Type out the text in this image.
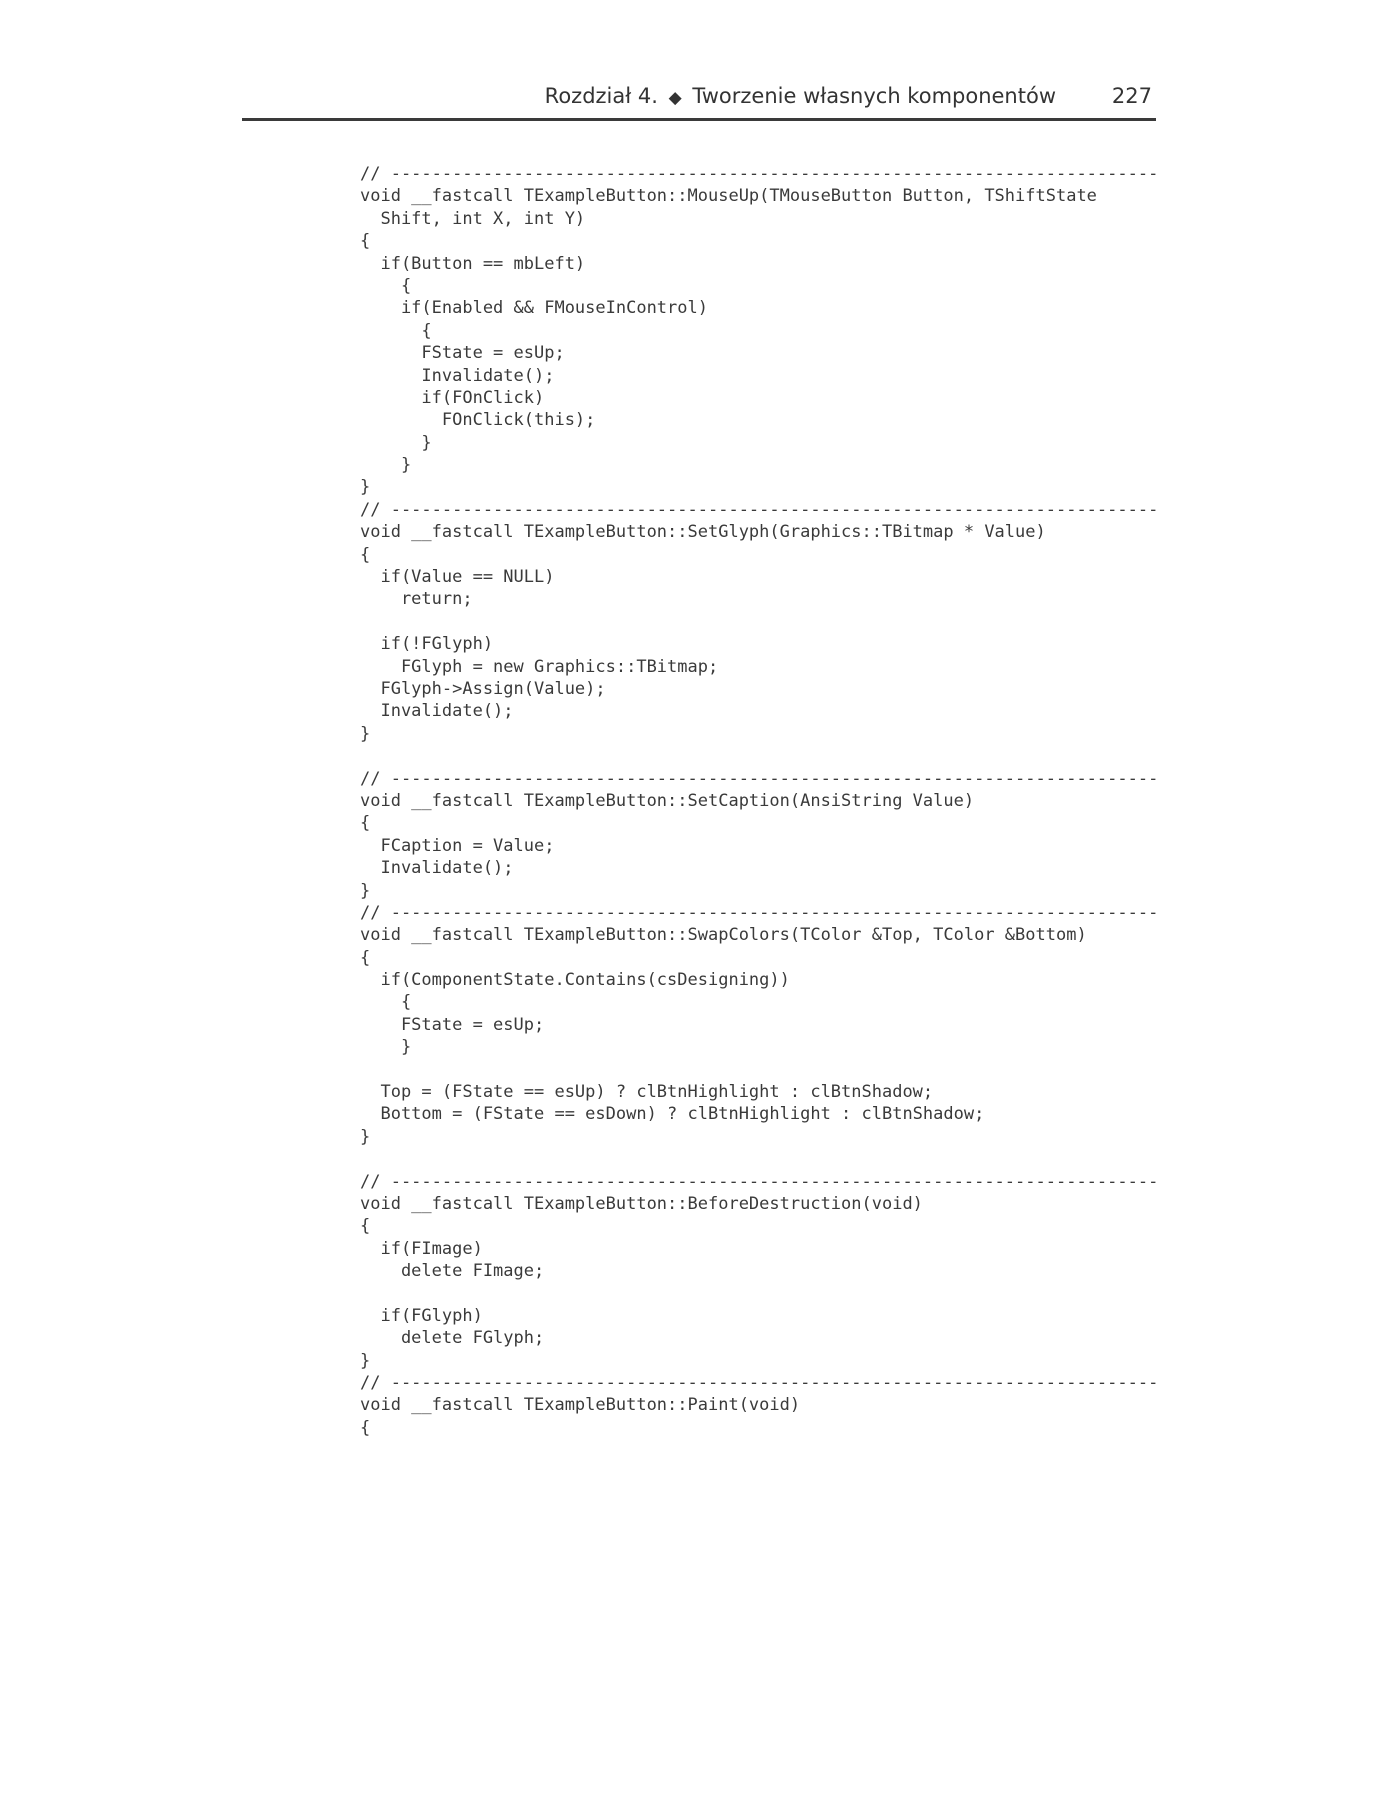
Rozdział 4. ◆ Tworzenie własnych komponentów	227
// ---------------------------------------------------------------------------
void __fastcall TExampleButton::MouseUp(TMouseButton Button, TShiftState
Shift, int X, int Y)
{
if(Button == mbLeft)
{
if(Enabled && FMouseInControl)
{
FState = esUp;
Invalidate();
if(FOnClick)
FOnClick(this);
}
}
}
// ---------------------------------------------------------------------------
void __fastcall TExampleButton::SetGlyph(Graphics::TBitmap * Value)
{
if(Value == NULL)
return;
if(!FGlyph)
FGlyph = new Graphics::TBitmap;
FGlyph->Assign(Value);
Invalidate();
}
// ---------------------------------------------------------------------------
void __fastcall TExampleButton::SetCaption(AnsiString Value)
{
FCaption = Value;
Invalidate();
}
// ---------------------------------------------------------------------------
void __fastcall TExampleButton::SwapColors(TColor &Top, TColor &Bottom)
{
if(ComponentState.Contains(csDesigning))
{
FState = esUp;
}
Top = (FState == esUp) ? clBtnHighlight : clBtnShadow;
Bottom = (FState == esDown) ? clBtnHighlight : clBtnShadow;
}
// ---------------------------------------------------------------------------
void __fastcall TExampleButton::BeforeDestruction(void)
{
if(FImage)
delete FImage;
if(FGlyph)
delete FGlyph;
}
// ---------------------------------------------------------------------------
void __fastcall TExampleButton::Paint(void)
{
